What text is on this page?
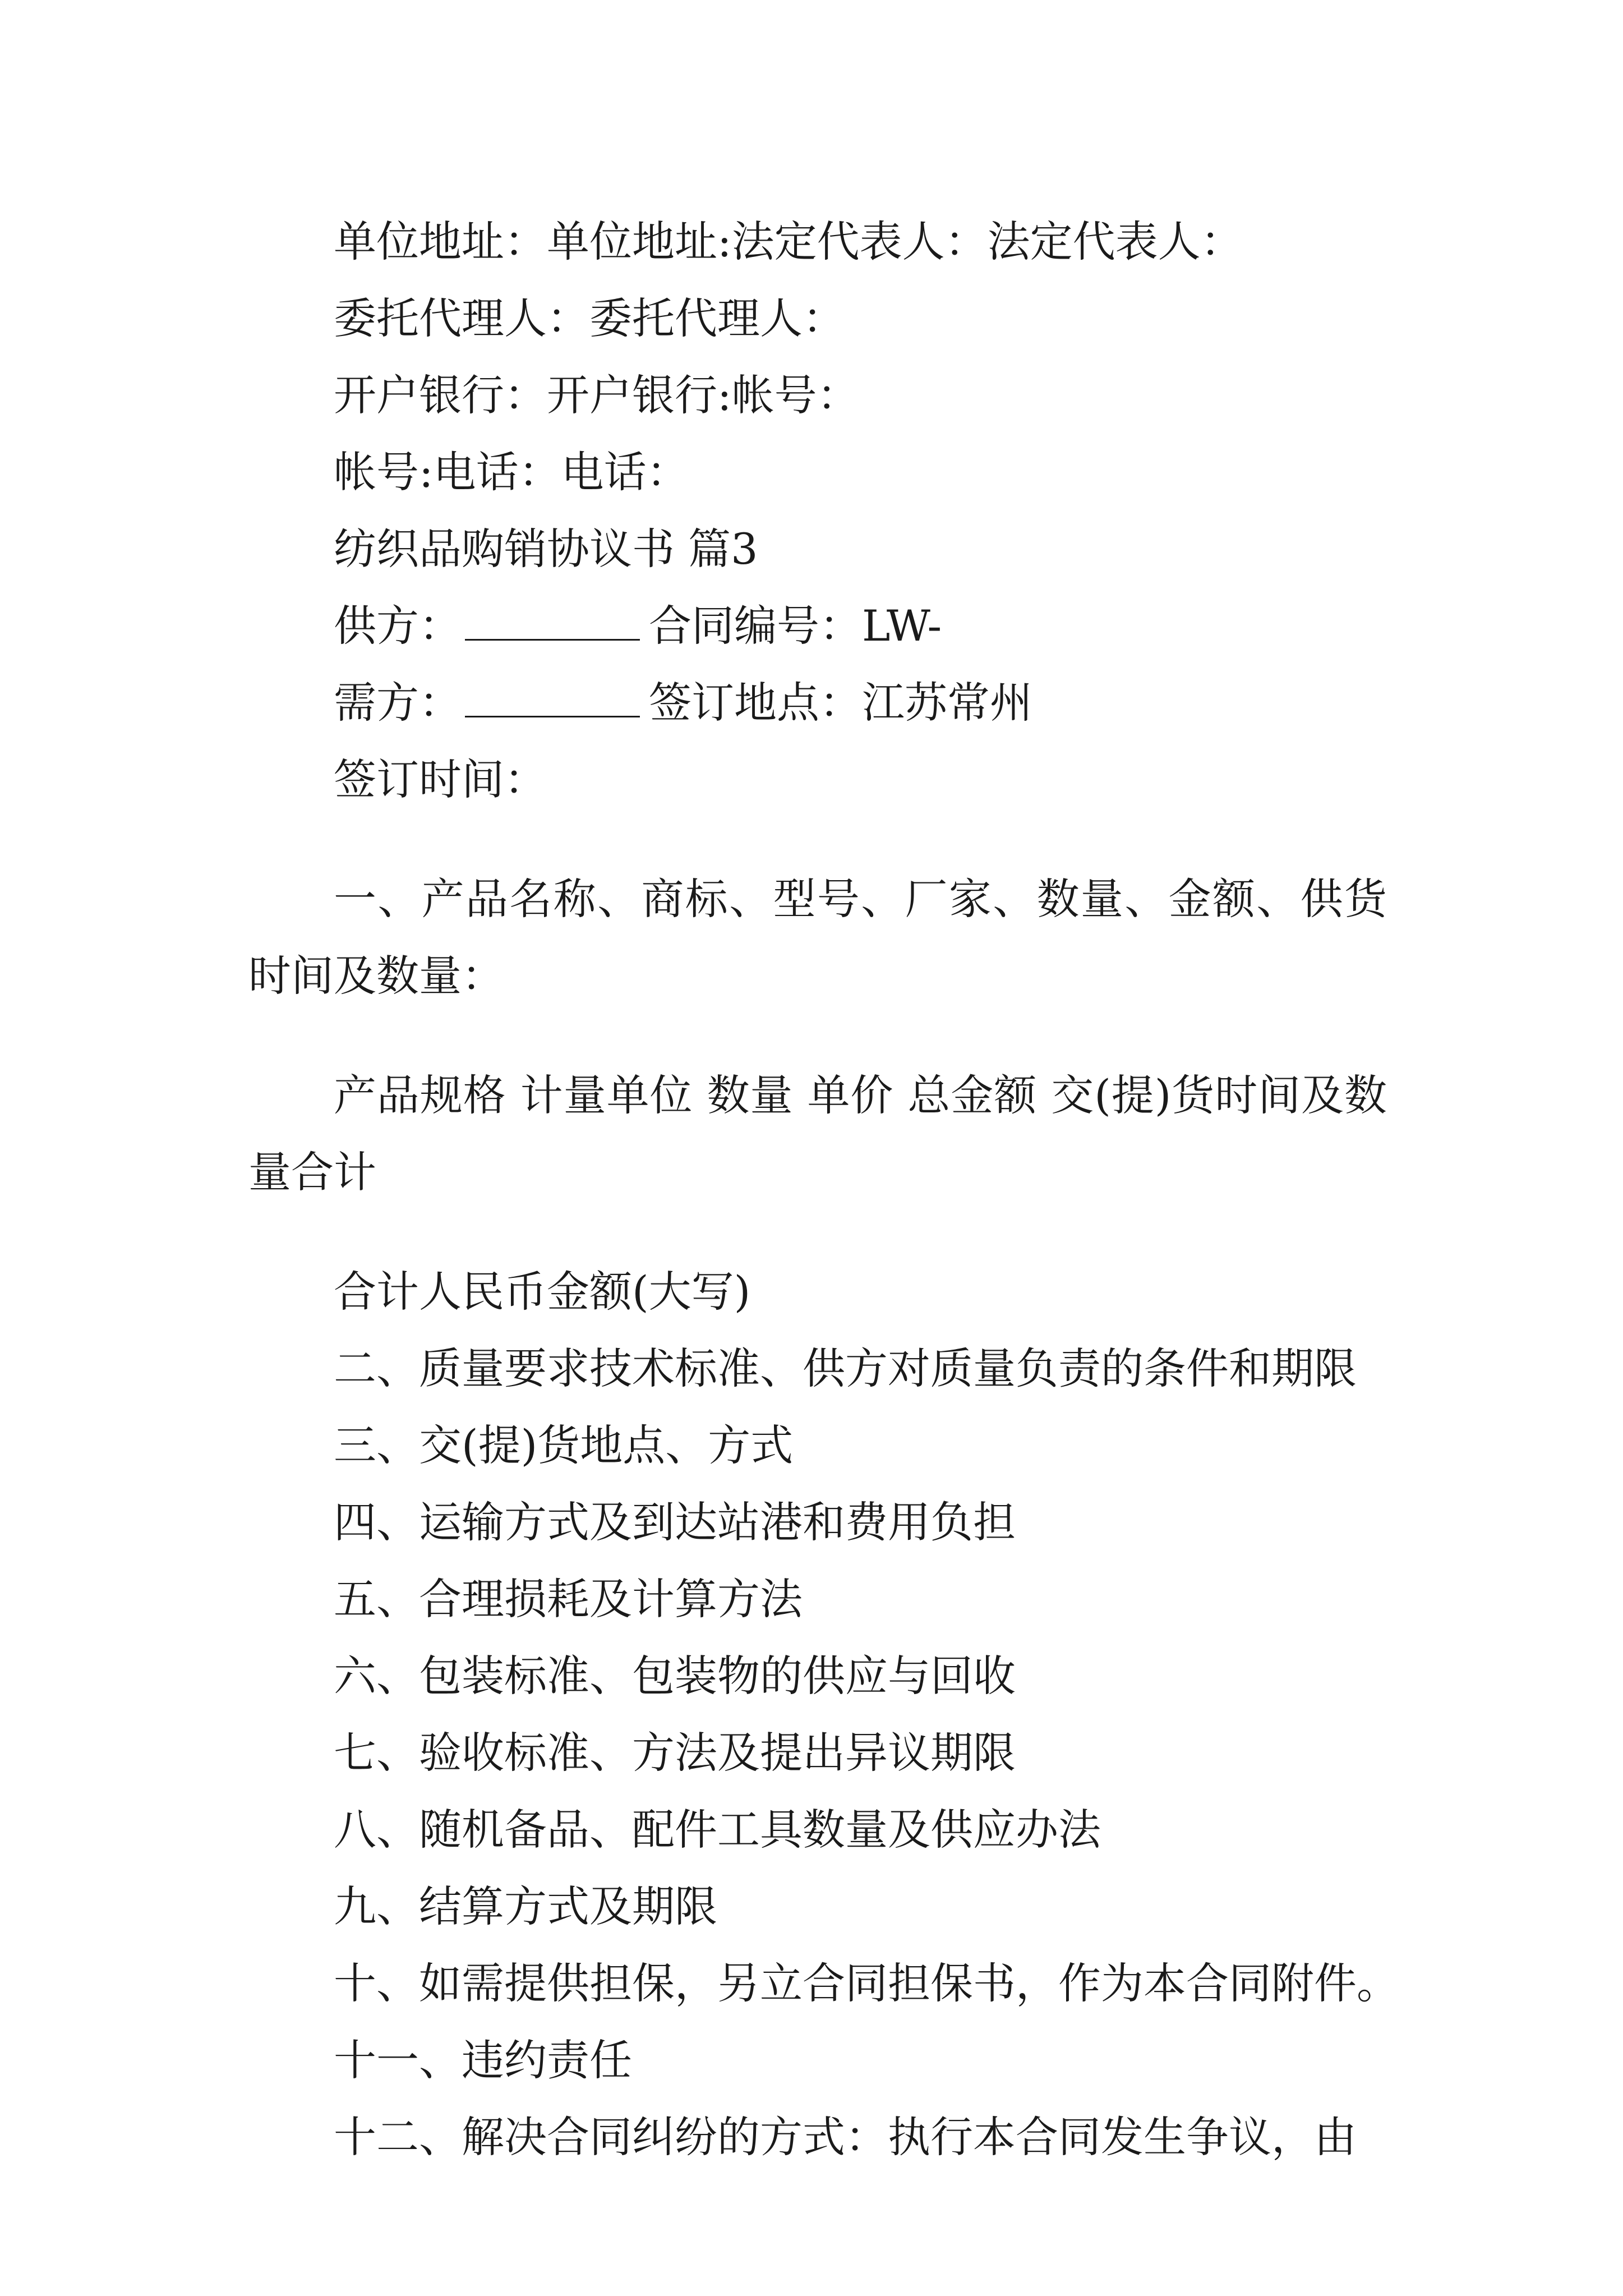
单位地址：单位地址:法定代表人：法定代表人：

委托代理人：委托代理人：

开户银行：开户银行:帐号：

帐号:电话：电话：

纺织品购销协议书 篇3

供方：	合同编号：LW-

需方：	签订地点：江苏常州

签订时间：

一、产品名称、商标、型号、厂家、数量、金额、供货时间及数量：

产品规格 计量单位 数量 单价 总金额 交(提)货时间及数量合计

合计人民币金额(大写)

二、质量要求技术标准、供方对质量负责的条件和期限

三、交(提)货地点、方式

四、运输方式及到达站港和费用负担

五、合理损耗及计算方法

六、包装标准、包装物的供应与回收

七、验收标准、方法及提出异议期限

八、随机备品、配件工具数量及供应办法

九、结算方式及期限

十、如需提供担保，另立合同担保书，作为本合同附件。

十一、违约责任

十二、解决合同纠纷的方式：执行本合同发生争议，由
